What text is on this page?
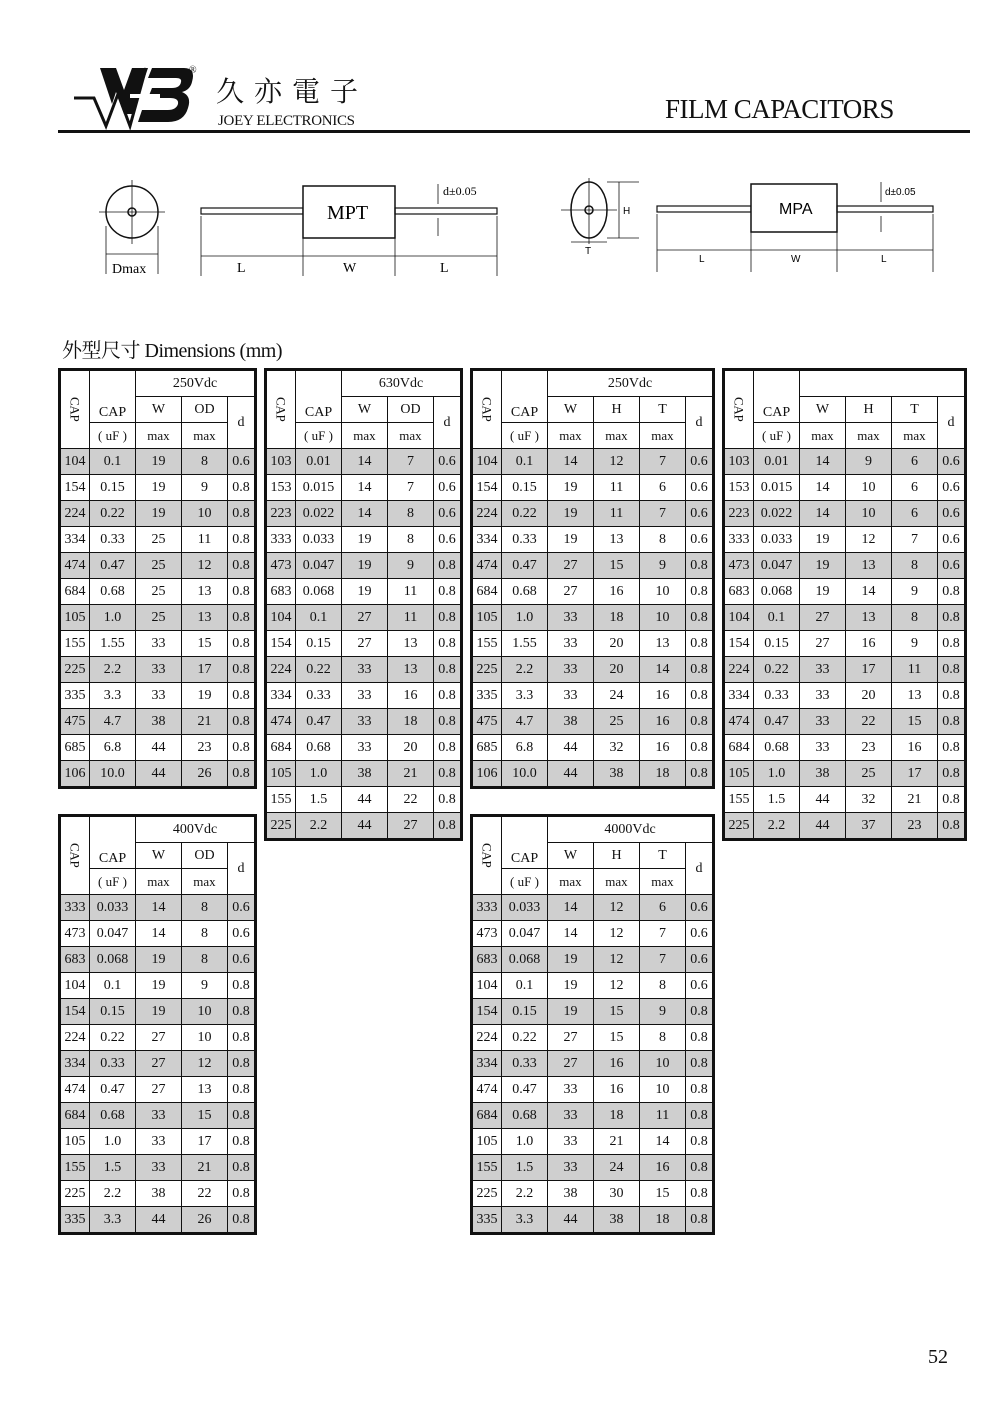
®
久亦電子
JOEY ELECTRONICS	FILM CAPACITORS
Dmax
MPT
d±0.05
L	W	L
H
T
MPA
d±0.05
L	W	L
外型尺寸 Dimensions (mm)
CAP	CAP	250Vdc		
		W	OD	d
	( uF )	max	max	
104	0.1	19	8	0.6
154	0.15	19	9	0.8
224	0.22	19	10	0.8
334	0.33	25	11	0.8
474	0.47	25	12	0.8
684	0.68	25	13	0.8
105	1.0	25	13	0.8
155	1.55	33	15	0.8
225	2.2	33	17	0.8
335	3.3	33	19	0.8
475	4.7	38	21	0.8
685	6.8	44	23	0.8
106	10.0	44	26	0.8
CAP	CAP	630Vdc		
		W	OD	d
	( uF )	max	max	
103	0.01	14	7	0.6
153	0.015	14	7	0.6
223	0.022	14	8	0.6
333	0.033	19	8	0.6
473	0.047	19	9	0.8
683	0.068	19	11	0.8
104	0.1	27	11	0.8
154	0.15	27	13	0.8
224	0.22	33	13	0.8
334	0.33	33	16	0.8
474	0.47	33	18	0.8
684	0.68	33	20	0.8
105	1.0	38	21	0.8
155	1.5	44	22	0.8
225	2.2	44	27	0.8
CAP	CAP	250Vdc			
		W	H	T	d
	( uF )	max	max	max	
104	0.1	14	12	7	0.6
154	0.15	19	11	6	0.6
224	0.22	19	11	7	0.6
334	0.33	19	13	8	0.6
474	0.47	27	15	9	0.8
684	0.68	27	16	10	0.8
105	1.0	33	18	10	0.8
155	1.55	33	20	13	0.8
225	2.2	33	20	14	0.8
335	3.3	33	24	16	0.8
475	4.7	38	25	16	0.8
685	6.8	44	32	16	0.8
106	10.0	44	38	18	0.8
CAP	CAP				
		W	H	T	d
	( uF )	max	max	max	
103	0.01	14	9	6	0.6
153	0.015	14	10	6	0.6
223	0.022	14	10	6	0.6
333	0.033	19	12	7	0.6
473	0.047	19	13	8	0.6
683	0.068	19	14	9	0.8
104	0.1	27	13	8	0.8
154	0.15	27	16	9	0.8
224	0.22	33	17	11	0.8
334	0.33	33	20	13	0.8
474	0.47	33	22	15	0.8
684	0.68	33	23	16	0.8
105	1.0	38	25	17	0.8
155	1.5	44	32	21	0.8
225	2.2	44	37	23	0.8
CAP	CAP	400Vdc		
		W	OD	d
	( uF )	max	max	
333	0.033	14	8	0.6
473	0.047	14	8	0.6
683	0.068	19	8	0.6
104	0.1	19	9	0.8
154	0.15	19	10	0.8
224	0.22	27	10	0.8
334	0.33	27	12	0.8
474	0.47	27	13	0.8
684	0.68	33	15	0.8
105	1.0	33	17	0.8
155	1.5	33	21	0.8
225	2.2	38	22	0.8
335	3.3	44	26	0.8
CAP	CAP	4000Vdc			
		W	H	T	d
	( uF )	max	max	max	
333	0.033	14	12	6	0.6
473	0.047	14	12	7	0.6
683	0.068	19	12	7	0.6
104	0.1	19	12	8	0.6
154	0.15	19	15	9	0.8
224	0.22	27	15	8	0.8
334	0.33	27	16	10	0.8
474	0.47	33	16	10	0.8
684	0.68	33	18	11	0.8
105	1.0	33	21	14	0.8
155	1.5	33	24	16	0.8
225	2.2	38	30	15	0.8
335	3.3	44	38	18	0.8
52
